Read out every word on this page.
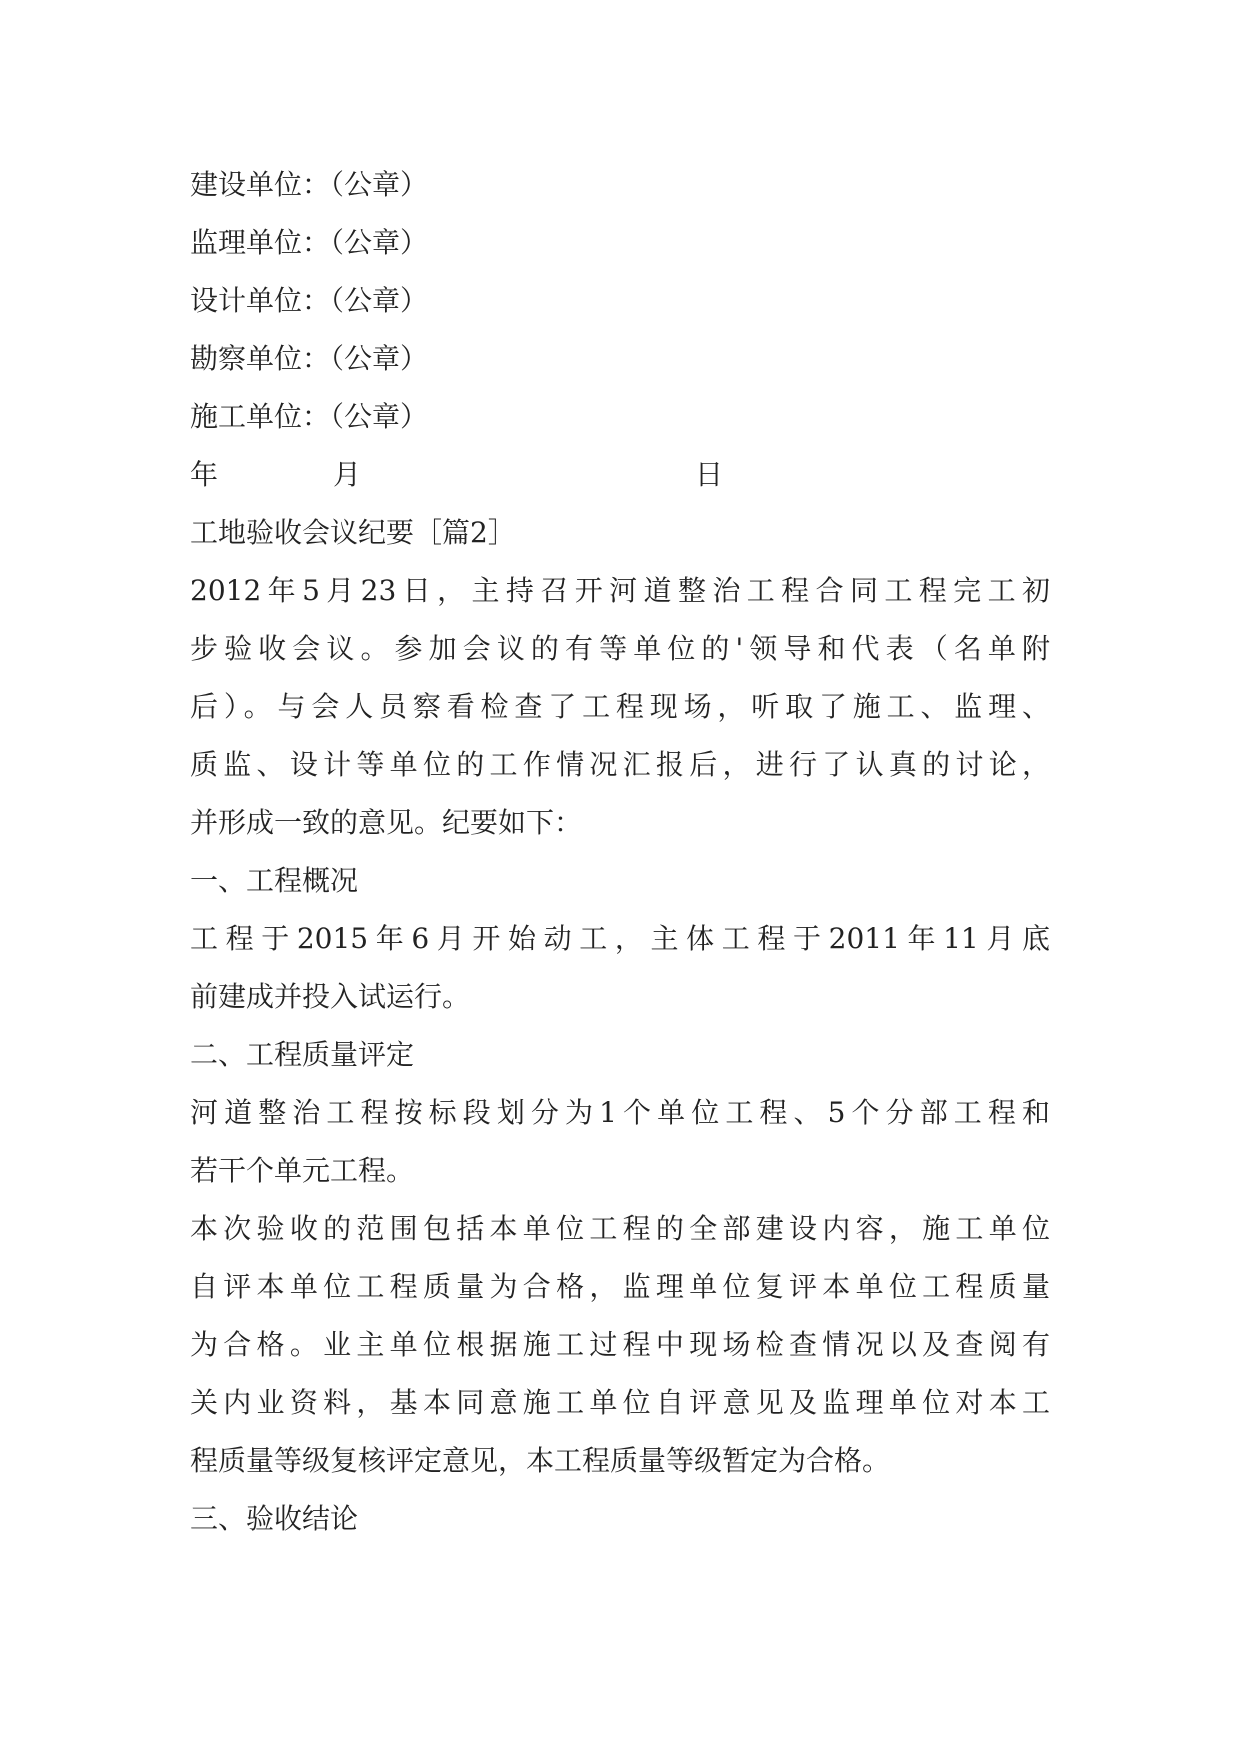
建设单位：（公章）
监理单位：（公章）
设计单位：（公章）
勘察单位：（公章）
施工单位：（公章）
年	月	日
工地验收会议纪要［篇2］
2012年5月23日，主持召开河道整治工程合同工程完工初
步验收会议。参加会议的有等单位的'领导和代表（名单附
后）。与会人员察看检查了工程现场，听取了施工、监理、
质监、设计等单位的工作情况汇报后，进行了认真的讨论，
并形成一致的意见。纪要如下：
一、工程概况
工程于2015年6月开始动工，主体工程于2011年11月底
前建成并投入试运行。
二、工程质量评定
河道整治工程按标段划分为1个单位工程、5个分部工程和
若干个单元工程。
本次验收的范围包括本单位工程的全部建设内容，施工单位
自评本单位工程质量为合格，监理单位复评本单位工程质量
为合格。业主单位根据施工过程中现场检查情况以及查阅有
关内业资料，基本同意施工单位自评意见及监理单位对本工
程质量等级复核评定意见，本工程质量等级暂定为合格。
三、验收结论
